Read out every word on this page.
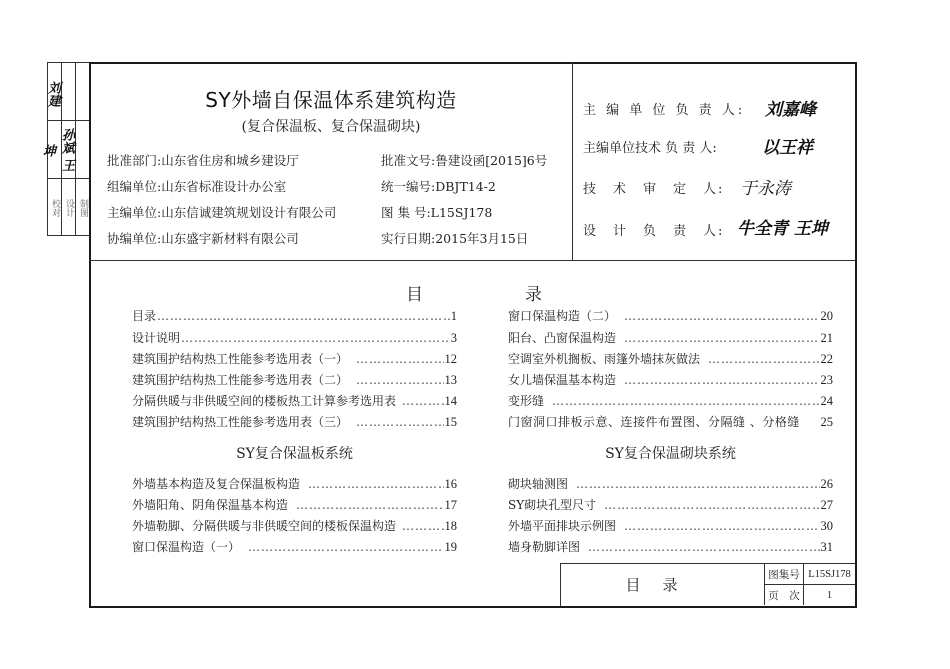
刘建
孙斌 王坤
校对 设计 制图
SY外墙自保温体系建筑构造
(复合保温板、复合保温砌块)
批准部门:山东省住房和城乡建设厅
组编单位:山东省标准设计办公室
主编单位:山东信诚建筑规划设计有限公司
协编单位:山东盛宇新材料有限公司
批准文号:鲁建设函[2015]6号
统一编号:DBJT14-2
图 集 号:L15SJ178
实行日期:2015年3月15日
主 编 单 位 负 责 人: 刘嘉峰
主编单位技术 负 责 人:	以王祥
技　术　审　定　人: 于永涛
设　计　负　责　人: 牛全青 王坤
目	录
目录 ……………………………………………………………………………………………………	1
设计说明 ……………………………………………………………………………………………………	3
建筑围护结构热工性能参考选用表（一） ……………………………………………………………………………………………………	12
建筑围护结构热工性能参考选用表（二） ……………………………………………………………………………………………………	13
分隔供暖与非供暖空间的楼板热工计算参考选用表 ……………………………………………………………………………………………………	14
建筑围护结构热工性能参考选用表（三） ……………………………………………………………………………………………………	15
窗口保温构造（二） ……………………………………………………………………………………………………	20
阳台、凸窗保温构造 ……………………………………………………………………………………………………	21
空调室外机搁板、雨篷外墙抹灰做法 ……………………………………………………………………………………………………	22
女儿墙保温基本构造 ……………………………………………………………………………………………………	23
变形缝 ……………………………………………………………………………………………………	24
门窗洞口排板示意、连接件布置图、分隔缝 、分格缝 25
SY复合保温板系统	SY复合保温砌块系统
外墙基本构造及复合保温板构造 ……………………………………………………………………………………………………	16
外墙阳角、阴角保温基本构造 ……………………………………………………………………………………………………	17
外墙勒脚、分隔供暖与非供暖空间的楼板保温构造 ……………………………………………………………………………………………………	18
窗口保温构造（一） ……………………………………………………………………………………………………	19
砌块轴测图 ……………………………………………………………………………………………………	26
SY砌块孔型尺寸 ……………………………………………………………………………………………………	27
外墙平面排块示例图 ……………………………………………………………………………………………………	30
墙身勒脚详图 ……………………………………………………………………………………………………	31
目录
图集号 L15SJ178
页　次	1
